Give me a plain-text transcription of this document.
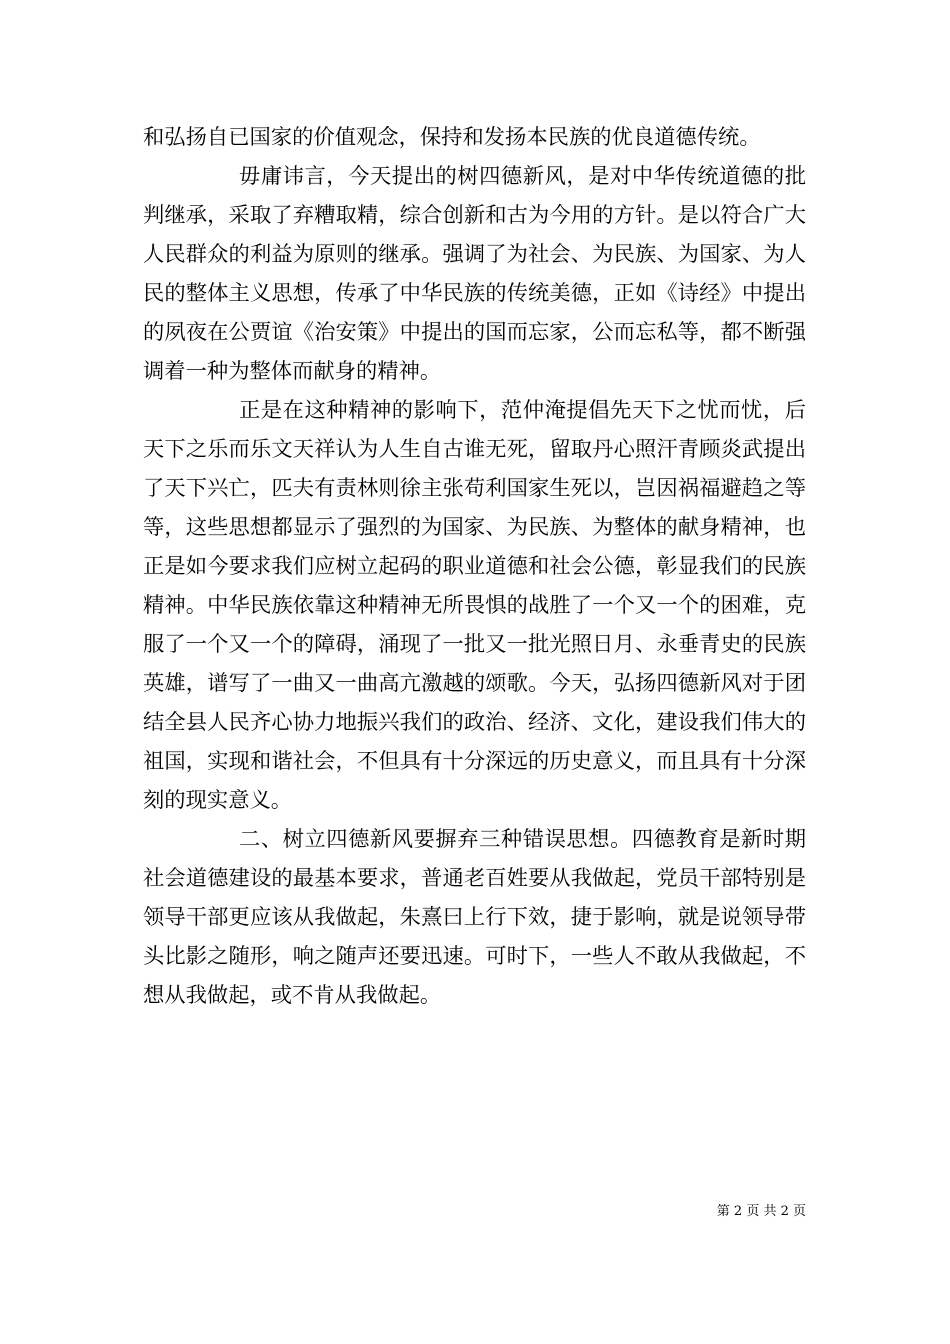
和弘扬自已国家的价值观念，保持和发扬本民族的优良道德传统。

毋庸讳言，今天提出的树四德新风，是对中华传统道德的批判继承，采取了弃糟取精，综合创新和古为今用的方针。是以符合广大人民群众的利益为原则的继承。强调了为社会、为民族、为国家、为人民的整体主义思想，传承了中华民族的传统美德，正如《诗经》中提出的夙夜在公贾谊《治安策》中提出的国而忘家，公而忘私等，都不断强调着一种为整体而献身的精神。

正是在这种精神的影响下，范仲淹提倡先天下之忧而忧，后天下之乐而乐文天祥认为人生自古谁无死，留取丹心照汗青顾炎武提出了天下兴亡，匹夫有责林则徐主张苟利国家生死以，岂因祸福避趋之等等，这些思想都显示了强烈的为国家、为民族、为整体的献身精神，也正是如今要求我们应树立起码的职业道德和社会公德，彰显我们的民族精神。中华民族依靠这种精神无所畏惧的战胜了一个又一个的困难，克服了一个又一个的障碍，涌现了一批又一批光照日月、永垂青史的民族英雄，谱写了一曲又一曲高亢激越的颂歌。今天，弘扬四德新风对于团结全县人民齐心协力地振兴我们的政治、经济、文化，建设我们伟大的祖国，实现和谐社会，不但具有十分深远的历史意义，而且具有十分深刻的现实意义。

二、树立四德新风要摒弃三种错误思想。四德教育是新时期社会道德建设的最基本要求，普通老百姓要从我做起，党员干部特别是领导干部更应该从我做起，朱熹曰上行下效，捷于影响，就是说领导带头比影之随形，响之随声还要迅速。可时下，一些人不敢从我做起，不想从我做起，或不肯从我做起。

第 2 页 共 2 页
